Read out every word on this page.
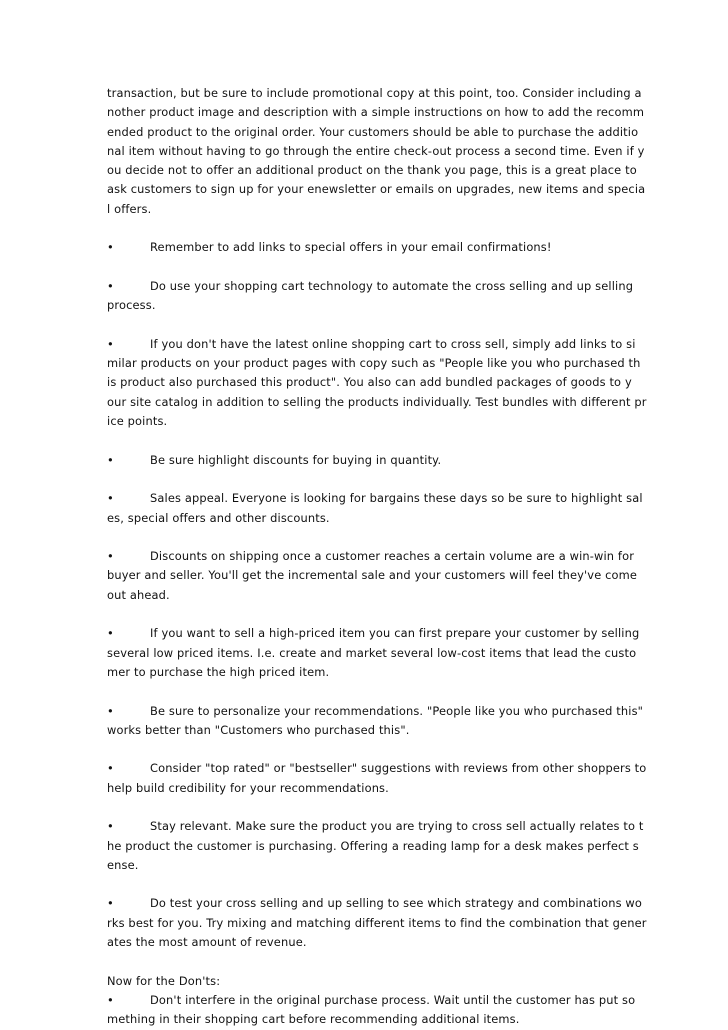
transaction, but be sure to include promotional copy at this point, too. Consider including a
nother product image and description with a simple instructions on how to add the recomm
ended product to the original order. Your customers should be able to purchase the additio
nal item without having to go through the entire check-out process a second time. Even if y
ou decide not to offer an additional product on the thank you page, this is a great place to
ask customers to sign up for your enewsletter or emails on upgrades, new items and specia
l offers.

•	Remember to add links to special offers in your email confirmations!

•	Do use your shopping cart technology to automate the cross selling and up selling
process.

•	If you don't have the latest online shopping cart to cross sell, simply add links to si
milar products on your product pages with copy such as "People like you who purchased th
is product also purchased this product". You also can add bundled packages of goods to y
our site catalog in addition to selling the products individually. Test bundles with different pr
ice points.

•	Be sure highlight discounts for buying in quantity.

•	Sales appeal. Everyone is looking for bargains these days so be sure to highlight sal
es, special offers and other discounts.

•	Discounts on shipping once a customer reaches a certain volume are a win-win for
buyer and seller. You'll get the incremental sale and your customers will feel they've come
out ahead.

•	If you want to sell a high-priced item you can first prepare your customer by selling
several low priced items. I.e. create and market several low-cost items that lead the custo
mer to purchase the high priced item.

•	Be sure to personalize your recommendations. "People like you who purchased this"
works better than "Customers who purchased this".

•	Consider "top rated" or "bestseller" suggestions with reviews from other shoppers to
help build credibility for your recommendations.

•	Stay relevant. Make sure the product you are trying to cross sell actually relates to t
he product the customer is purchasing. Offering a reading lamp for a desk makes perfect s
ense.

•	Do test your cross selling and up selling to see which strategy and combinations wo
rks best for you. Try mixing and matching different items to find the combination that gener
ates the most amount of revenue.

Now for the Don'ts:

•	Don't interfere in the original purchase process. Wait until the customer has put so
mething in their shopping cart before recommending additional items.
